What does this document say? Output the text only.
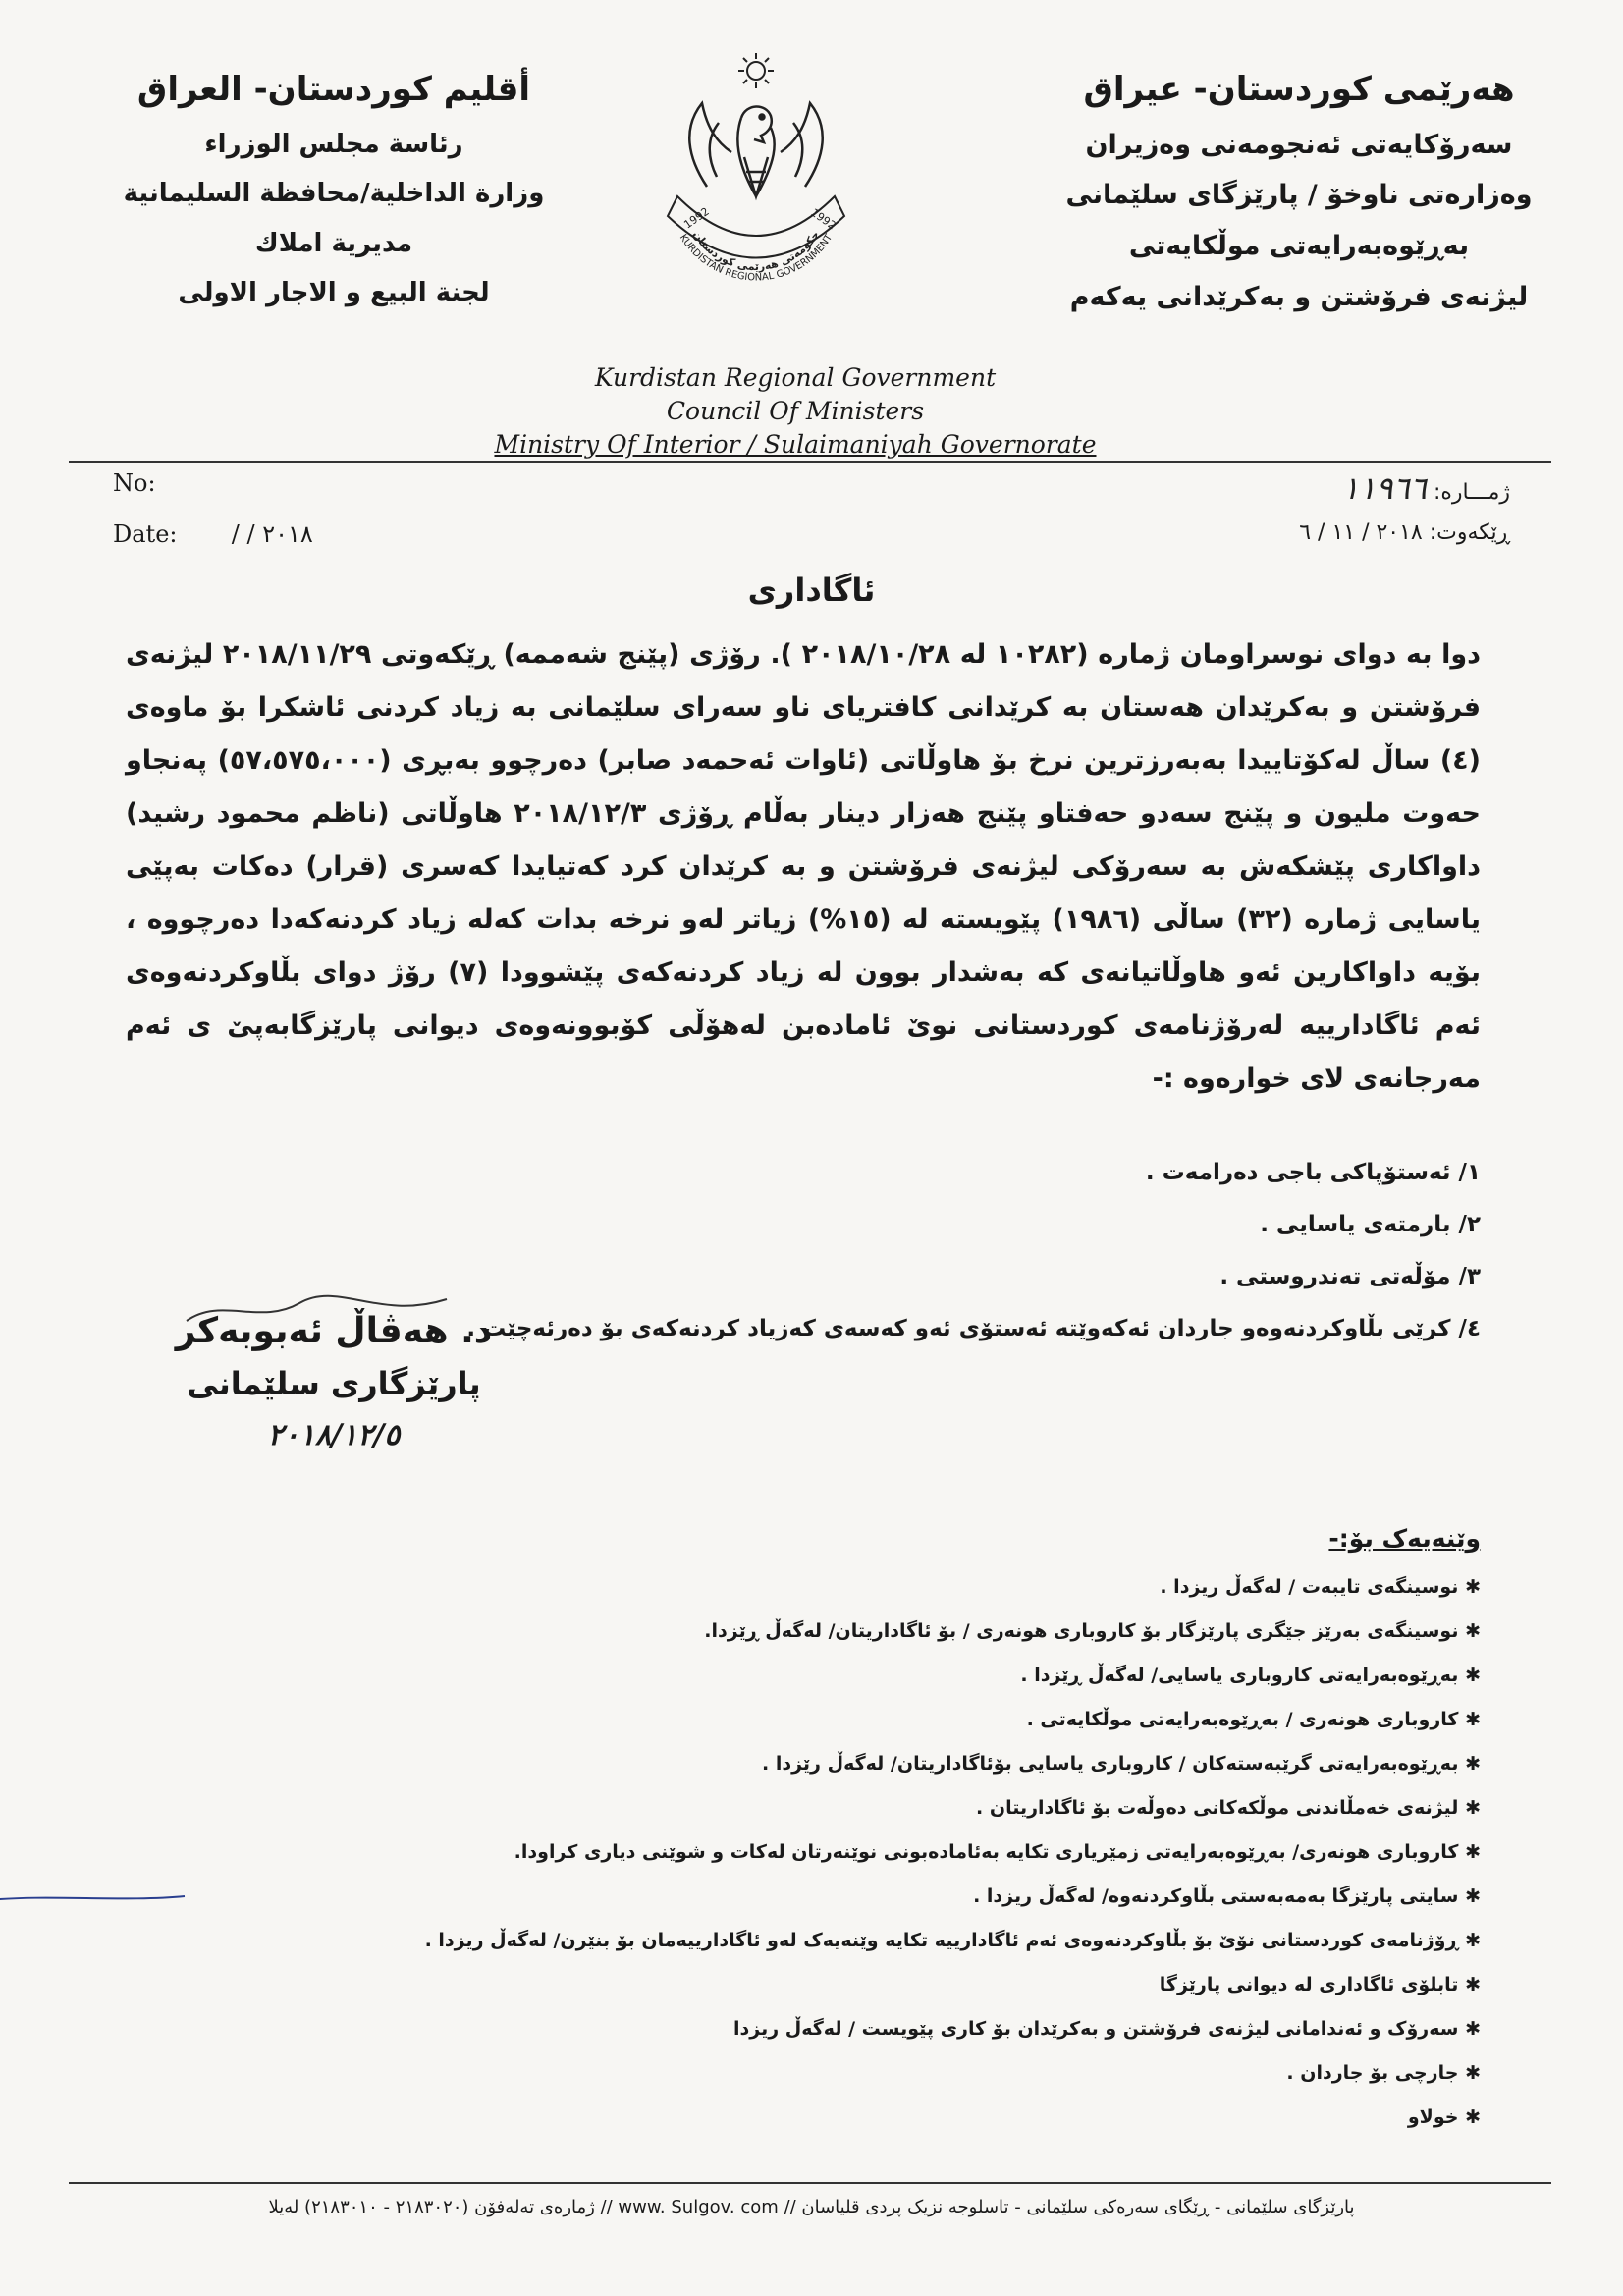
هەرێمی کوردستان- عیراق
سەرۆکایەتی ئەنجومەنی وەزیران
وەزارەتی ناوخۆ / پارێزگای سلێمانی
بەڕێوەبەرایەتی موڵکایەتی
لیژنەی فرۆشتن و بەکرێدانی یەکەم
أقليم كوردستان- العراق
رئاسة مجلس الوزراء
وزارة الداخلية/محافظة السليمانية
مديرية املاك
لجنة البيع و الاجار الاولى
حکومەتی هەرێمی کوردستان
KURDISTAN REGIONAL GOVERNMENT
1992	1992
Kurdistan Regional Government
Council Of Ministers
Ministry Of Interior / Sulaimaniyah Governorate
No:
Date: / / ٢٠١٨
ژمـــارە: ١١٩٦٦
ڕێکەوت: ٢٠١٨ / ١١ / ٦
ئاگاداری
دوا بە دوای نوسراومان ژمارە (١٠٢٨٢ لە ٢٠١٨/١٠/٢٨ ). رۆژی (پێنج شەممە) ڕێکەوتی ٢٠١٨/١١/٢٩ لیژنەی فرۆشتن و بەکرێدان هەستان بە کرێدانی کافتریای ناو سەرای سلێمانی بە زیاد کردنی ئاشکرا بۆ ماوەی (٤) ساڵ لەکۆتاییدا بەبەرزترین نرخ بۆ هاوڵاتی (ئاوات ئەحمەد صابر) دەرچوو بەبڕی (٥٧،٥٧٥،٠٠٠) پەنجاو حەوت ملیون و پێنج سەدو حەفتاو پێنج هەزار دینار بەڵام ڕۆژی ٢٠١٨/١٢/٣ هاوڵاتی (ناظم محمود رشید) داواکاری پێشکەش بە سەرۆکی لیژنەی فرۆشتن و بە کرێدان کرد کەتیایدا کەسری (قرار) دەکات بەپێی یاسایی ژمارە (٣٢) ساڵی (١٩٨٦) پێویستە لە (١٥%) زیاتر لەو نرخە بدات کەلە زیاد کردنەکەدا دەرچووە ، بۆیە داواکارین ئەو هاوڵاتیانەی کە بەشدار بوون لە زیاد کردنەکەی پێشوودا (٧) رۆژ دوای بڵاوکردنەوەی ئەم ئاگادارییە لەرۆژنامەی کوردستانی نوێ ئامادەبن لەهۆڵی کۆبوونەوەی دیوانی پارێزگابەپێ ی ئەم مەرجانەی لای خوارەوە :-
١/ ئەستۆپاکی باجی دەرامەت .
٢/ بارمتەی یاسایی .
٣/ مۆڵەتی تەندروستی .
٤/ کرێی بڵاوکردنەوەو جاردان ئەکەوێتە ئەستۆی ئەو کەسەی کەزیاد کردنەکەی بۆ دەرئەچێت .
د. هەڤاڵ ئەبوبەکر
پارێزگاری سلێمانی
٢٠١٨/١٢/٥
وێنەیەک بۆ:-
✱ نوسینگەی تایبەت / لەگەڵ ریزدا .
✱ نوسینگەی بەرێز جێگری پارێزگار بۆ کاروباری هونەری / بۆ ئاگاداریتان/ لەگەڵ ڕێزدا.
✱ بەڕێوەبەرایەتی کاروباری یاسایی/ لەگەڵ ڕێزدا .
✱ کاروباری هونەری / بەڕێوەبەرایەتی موڵکایەتی .
✱ بەڕێوەبەرایەتی گرێبەستەکان / کاروباری یاسایی بۆئاگاداریتان/ لەگەڵ رێزدا .
✱ لیژنەی خەمڵاندنی موڵکەکانی دەوڵەت بۆ ئاگاداریتان .
✱ کاروباری هونەری/ بەڕێوەبەرایەتی زمێریاری تکایە بەئامادەبونی نوێنەرتان لەکات و شوێنی دیاری کراودا.
✱ سایتی پارێزگا بەمەبەستی بڵاوکردنەوە/ لەگەڵ ریزدا .
✱ ڕۆژنامەی کوردستانی نۆێ بۆ بڵاوکردنەوەی ئەم ئاگادارییە تکایە وێنەیەک لەو ئاگادارییەمان بۆ بنێرن/ لەگەڵ ریزدا .
✱ تابلۆی ئاگاداری لە دیوانی پارێزگا
✱ سەرۆک و ئەندامانی لیژنەی فرۆشتن و بەکرێدان بۆ کاری پێویست / لەگەڵ ریزدا
✱ جارچی بۆ جاردان .
✱ خولاو
پارێزگای سلێمانی - ڕێگای سەرەکی سلێمانی - تاسلوجە نزیک پردی قلیاسان // www. Sulgov. com // ژمارەی تەلەفۆن (٢١٨٣٠٢٠ - ٢١٨٣٠١٠) لەیلا
